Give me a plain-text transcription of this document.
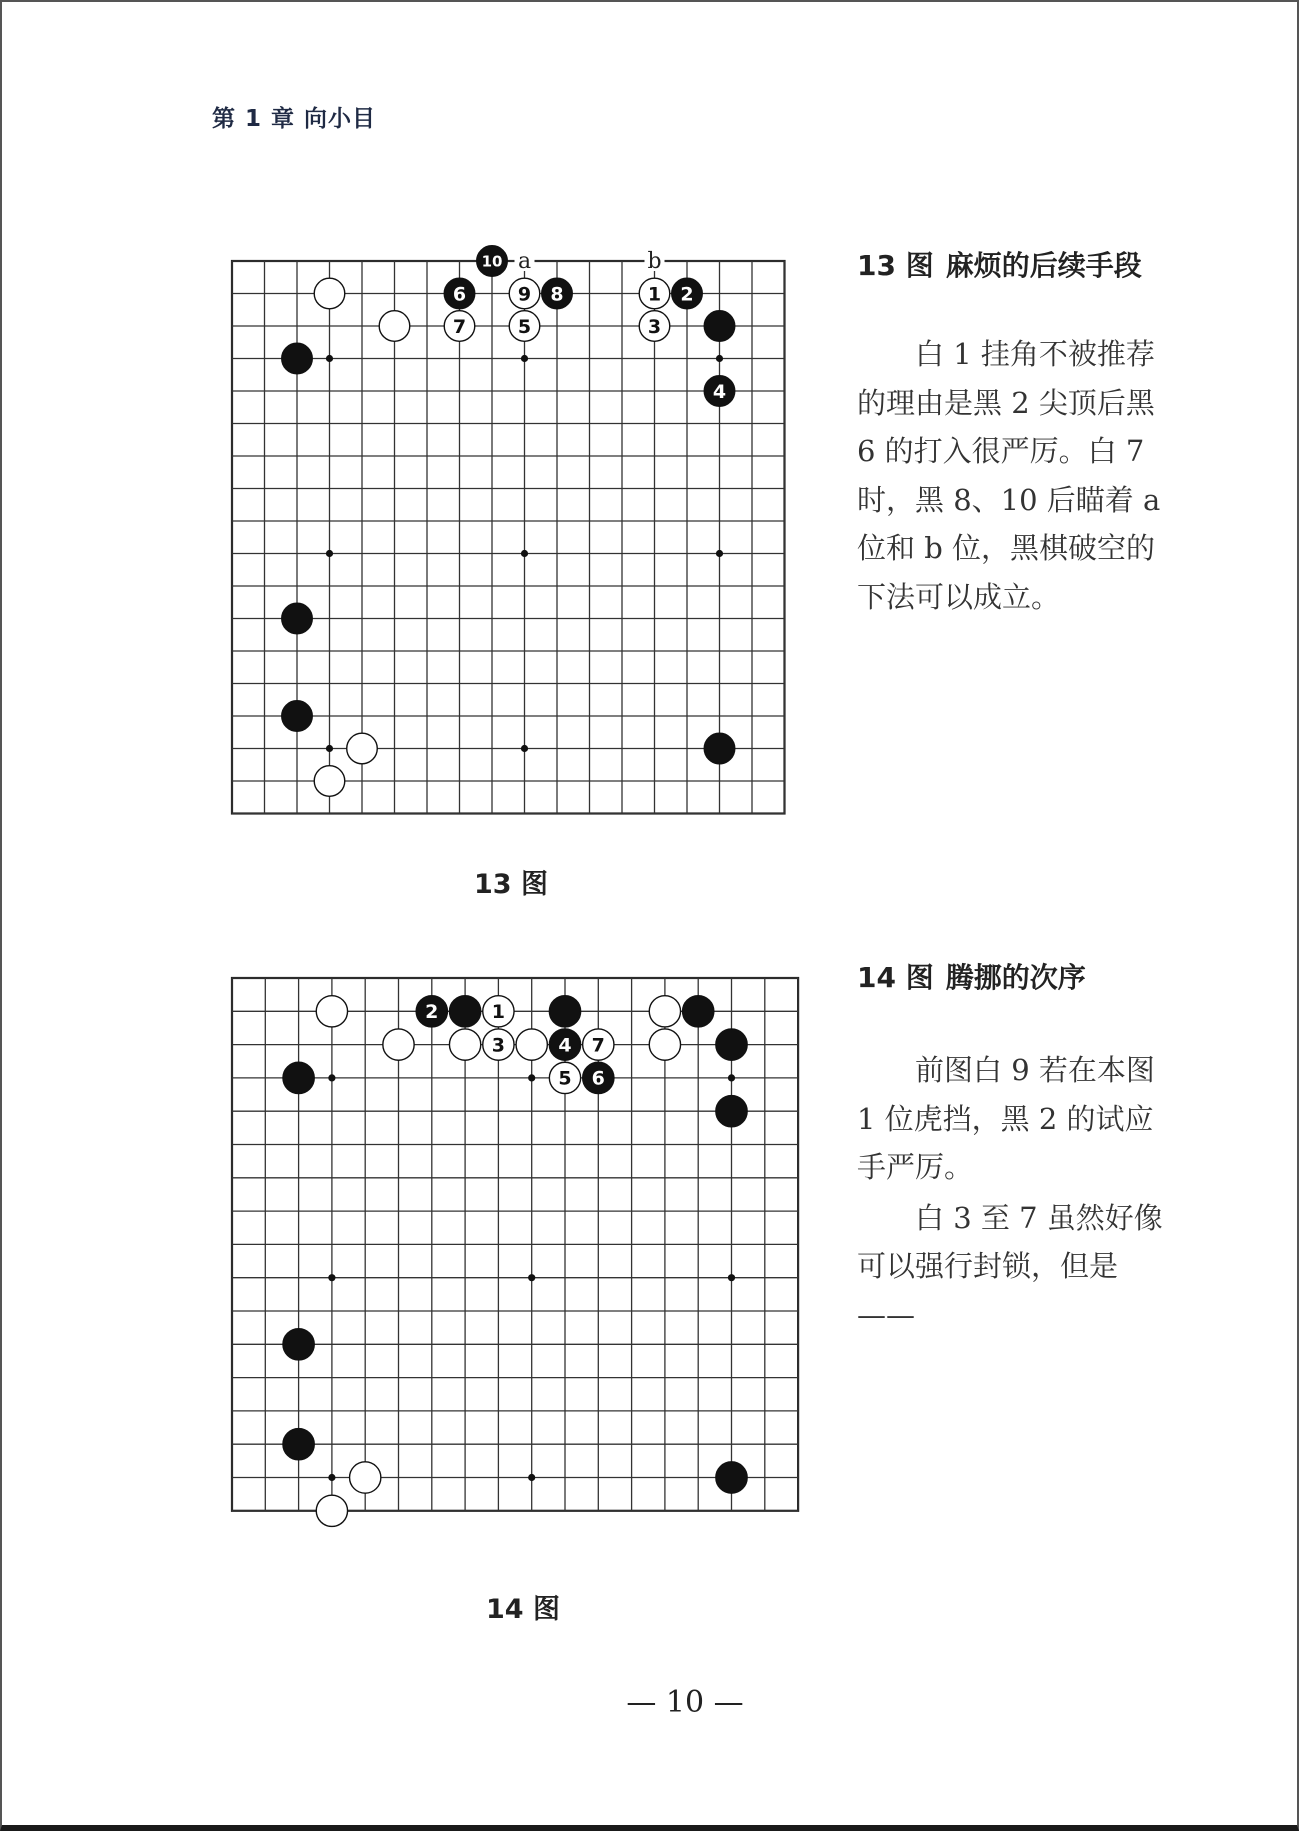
第 1 章 向小目
a	b
10
6	9 8	1 2
7	5	3
4
13 图
13 图 麻烦的后续手段

白 1 挂角不被推荐的理由是黑 2 尖顶后黑 6 的打入很严厉。白 7 时，黑 8、10 后瞄着 a 位和 b 位，黑棋破空的下法可以成立。

2	1
3	4 7
5 6
14 图
14 图 腾挪的次序

前图白 9 若在本图 1 位虎挡，黑 2 的试应手严厉。

白 3 至 7 虽然好像可以强行封锁，但是——

— 10 —
